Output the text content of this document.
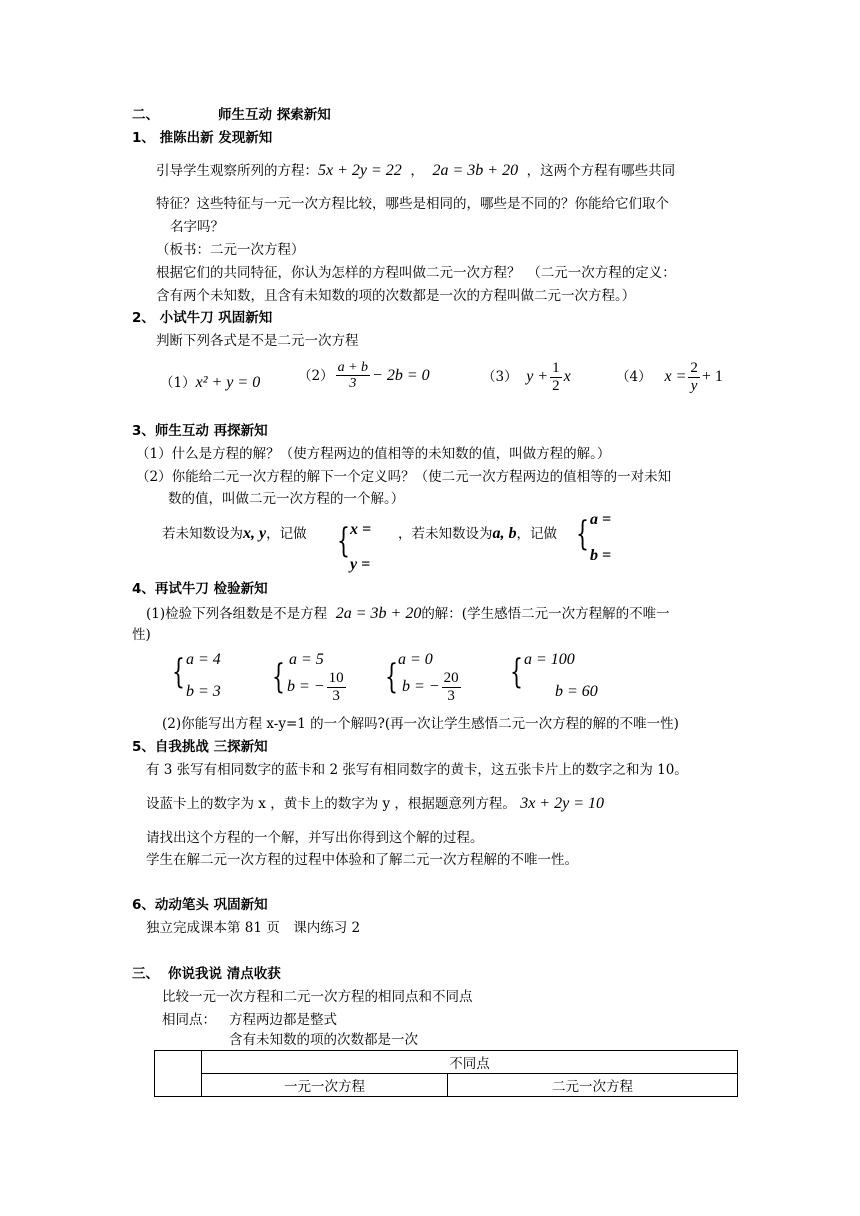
二、	师生互动 探索新知
1、 推陈出新 发现新知
引导学生观察所列的方程：5x + 2y = 22 ， 2a = 3b + 20 ，这两个方程有哪些共同
特征？这些特征与一元一次方程比较，哪些是相同的，哪些是不同的？你能给它们取个
名字吗？
（板书：二元一次方程）
根据它们的共同特征，你认为怎样的方程叫做二元一次方程？　（二元一次方程的定义：
含有两个未知数，且含有未知数的项的次数都是一次的方程叫做二元一次方程。）
2、 小试牛刀 巩固新知
判断下列各式是不是二元一次方程
（1）x² + y = 0	$(2) \frac{a + b}{3} - 2b = 0$	（3）
$y + \frac{1}{2}$ x	（4）
$x = \frac{2}{y} + 1$
3、师生互动 再探新知
（1）什么是方程的解？（使方程两边的值相等的未知数的值，叫做方程的解。）
（2）你能给二元一次方程的解下一个定义吗？（使二元一次方程两边的值相等的一对未知
数的值，叫做二元一次方程的一个解。）
若未知数设为x, y，记做 { x =
y =
，若未知数设为a, b，记做 { a =
b =
4、再试牛刀 检验新知
(1)检验下列各组数是不是方程 2a = 3b + 20的解：(学生感悟二元一次方程解的不唯一
性)
{ a = 4
b = 3 { a = 5
b = − $\frac{10}{3}$ { a = 0
b = − $\frac{20}{3}$ { a = 100
b = 60
(2)你能写出方程 x-y=1 的一个解吗?(再一次让学生感悟二元一次方程的解的不唯一性)
5、自我挑战 三探新知
有 3 张写有相同数字的蓝卡和 2 张写有相同数字的黄卡，这五张卡片上的数字之和为 10。
设蓝卡上的数字为 x ，黄卡上的数字为 y ，根据题意列方程。 3x + 2y = 10
请找出这个方程的一个解，并写出你得到这个解的过程。
学生在解二元一次方程的过程中体验和了解二元一次方程解的不唯一性。
6、动动笔头 巩固新知
独立完成课本第 81 页　课内练习 2
三、 你说我说 清点收获
比较一元一次方程和二元一次方程的相同点和不同点
相同点： 方程两边都是整式
含有未知数的项的次数都是一次
	不同点	
	一元一次方程	二元一次方程
